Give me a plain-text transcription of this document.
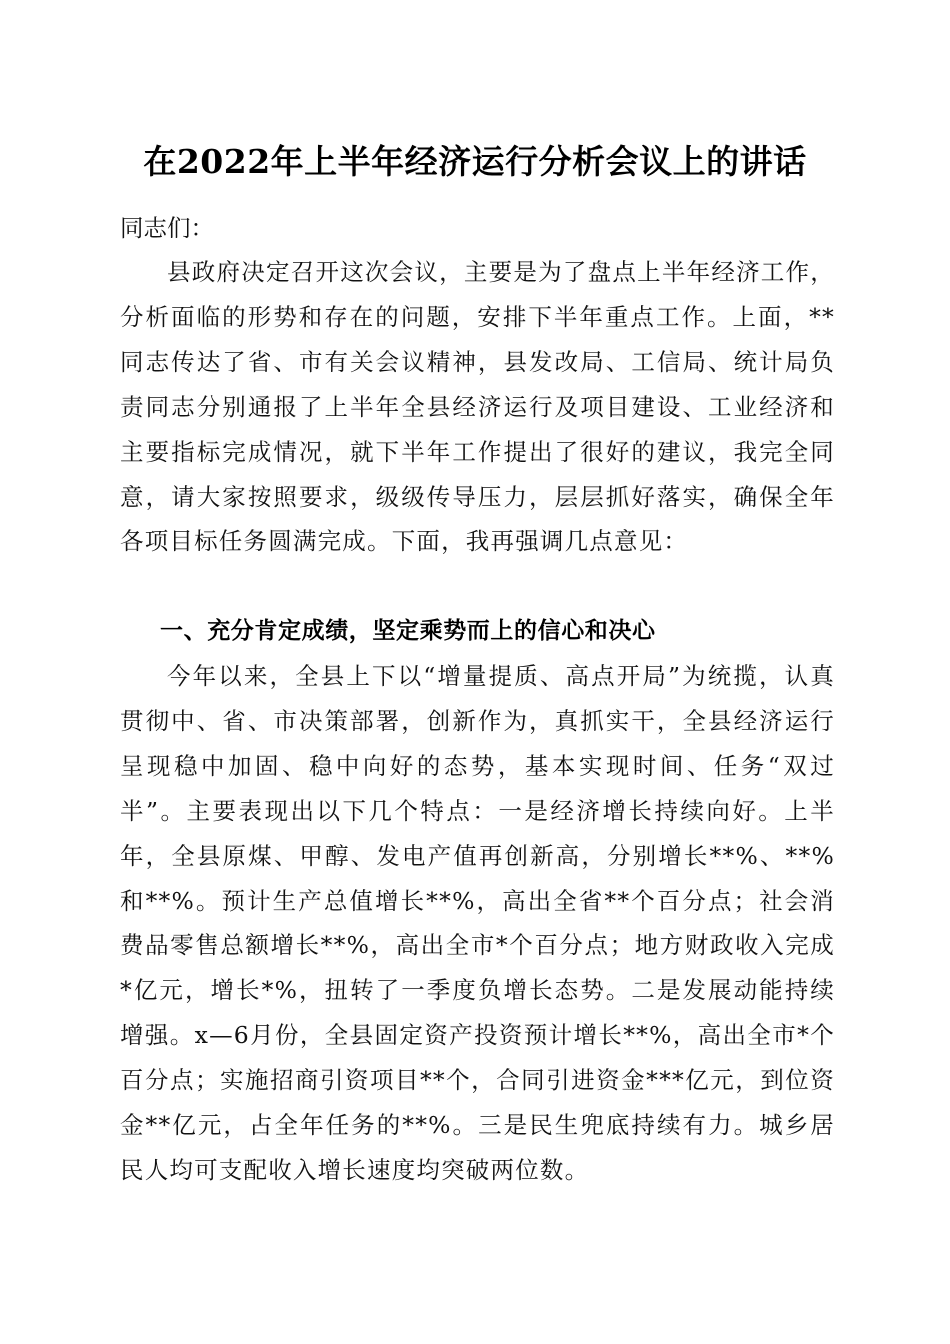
在2022年上半年经济运行分析会议上的讲话
同志们：
县政府决定召开这次会议，主要是为了盘点上半年经济工作，分析面临的形势和存在的问题，安排下半年重点工作。上面，**同志传达了省、市有关会议精神，县发改局、工信局、统计局负责同志分别通报了上半年全县经济运行及项目建设、工业经济和主要指标完成情况，就下半年工作提出了很好的建议，我完全同意，请大家按照要求，级级传导压力，层层抓好落实，确保全年各项目标任务圆满完成。下面，我再强调几点意见：
一、充分肯定成绩，坚定乘势而上的信心和决心
今年以来，全县上下以“增量提质、高点开局”为统揽，认真贯彻中、省、市决策部署，创新作为，真抓实干，全县经济运行呈现稳中加固、稳中向好的态势，基本实现时间、任务“双过半”。主要表现出以下几个特点：一是经济增长持续向好。上半年，全县原煤、甲醇、发电产值再创新高，分别增长**%、**%和**%。预计生产总值增长**%，高出全省**个百分点；社会消费品零售总额增长**%，高出全市*个百分点；地方财政收入完成*亿元，增长*%，扭转了一季度负增长态势。二是发展动能持续增强。x—6月份，全县固定资产投资预计增长**%，高出全市*个百分点；实施招商引资项目**个，合同引进资金***亿元，到位资金**亿元，占全年任务的**%。三是民生兜底持续有力。城乡居民人均可支配收入增长速度均突破两位数。
